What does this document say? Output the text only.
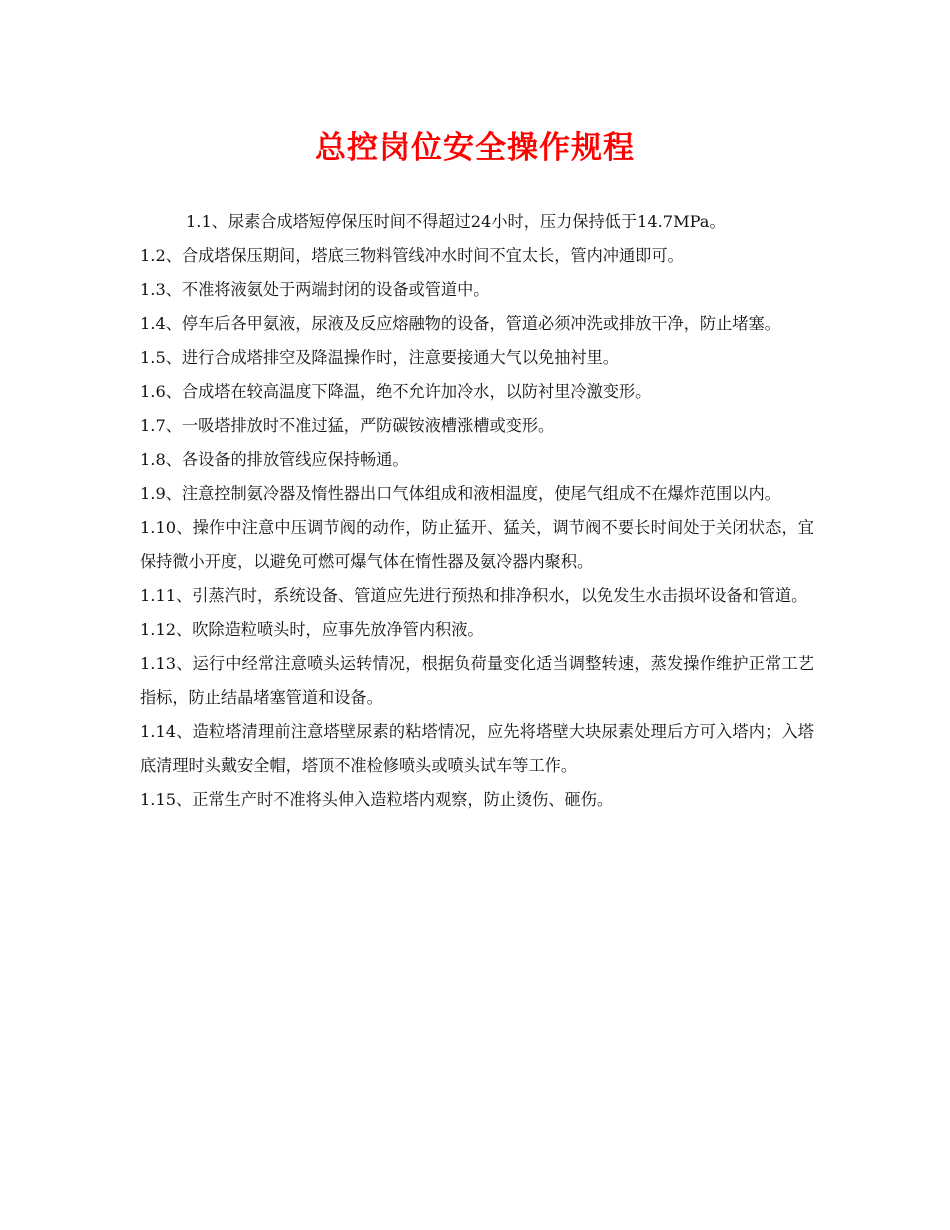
总控岗位安全操作规程

1.1、尿素合成塔短停保压时间不得超过24小时，压力保持低于14.7MPa。

1.2、合成塔保压期间，塔底三物料管线冲水时间不宜太长，管内冲通即可。

1.3、不准将液氨处于两端封闭的设备或管道中。

1.4、停车后各甲氨液，尿液及反应熔融物的设备，管道必须冲洗或排放干净，防止堵塞。

1.5、进行合成塔排空及降温操作时，注意要接通大气以免抽衬里。

1.6、合成塔在较高温度下降温，绝不允许加冷水，以防衬里冷激变形。

1.7、一吸塔排放时不准过猛，严防碳铵液槽涨槽或变形。

1.8、各设备的排放管线应保持畅通。

1.9、注意控制氨冷器及惰性器出口气体组成和液相温度，使尾气组成不在爆炸范围以内。

1.10、操作中注意中压调节阀的动作，防止猛开、猛关，调节阀不要长时间处于关闭状态，宜保持微小开度，以避免可燃可爆气体在惰性器及氨冷器内聚积。

1.11、引蒸汽时，系统设备、管道应先进行预热和排净积水，以免发生水击损坏设备和管道。

1.12、吹除造粒喷头时，应事先放净管内积液。

1.13、运行中经常注意喷头运转情况，根据负荷量变化适当调整转速，蒸发操作维护正常工艺指标，防止结晶堵塞管道和设备。

1.14、造粒塔清理前注意塔壁尿素的粘塔情况，应先将塔壁大块尿素处理后方可入塔内；入塔底清理时头戴安全帽，塔顶不准检修喷头或喷头试车等工作。

1.15、正常生产时不准将头伸入造粒塔内观察，防止烫伤、砸伤。
